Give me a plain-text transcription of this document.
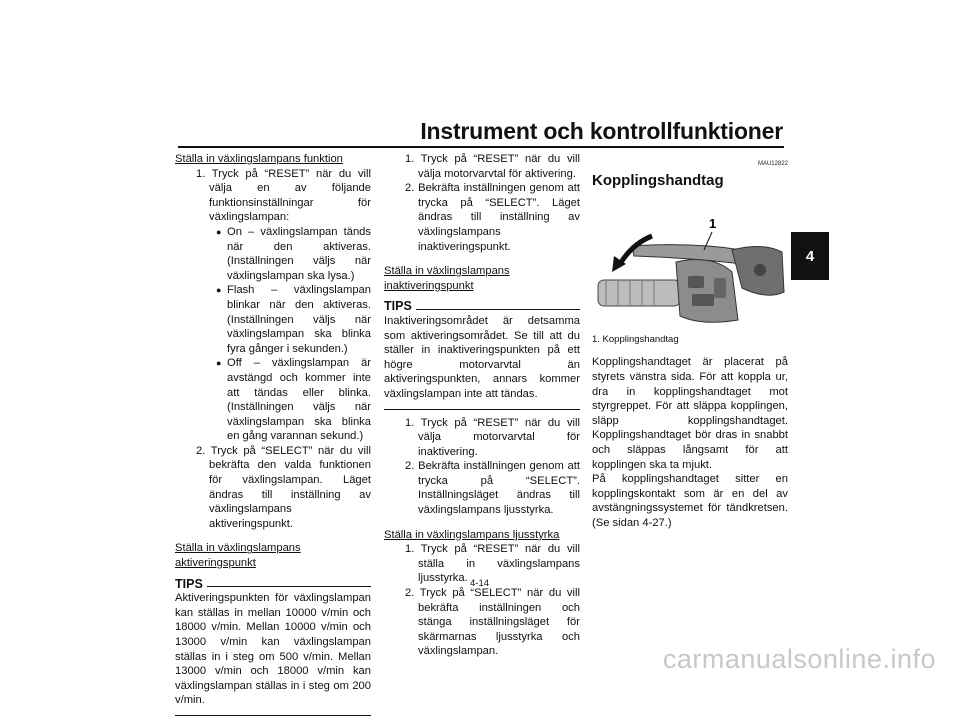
Instrument och kontrollfunktioner
4
Ställa in växlingslampans funktion
1. Tryck på “RESET” när du vill välja en av följande funktionsinställningar för växlingslampan:
● On – växlingslampan tänds när den aktiveras. (Inställningen väljs när växlingslampan ska lysa.)
● Flash – växlingslampan blinkar när den aktiveras. (Inställningen väljs när växlingslampan ska blinka fyra gånger i sekunden.)
● Off – växlingslampan är avstängd och kommer inte att tändas eller blinka. (Inställningen väljs när växlingslampan ska blinka en gång varannan sekund.)
2. Tryck på “SELECT” när du vill bekräfta den valda funktionen för växlingslampan. Läget ändras till inställning av växlingslampans aktiveringspunkt.
Ställa in växlingslampans aktiveringspunkt
TIPS

Aktiveringspunkten för växlingslampan kan ställas in mellan 10000 v/min och 18000 v/min. Mellan 10000 v/min och 13000 v/min kan växlingslampan ställas in i steg om 500 v/min. Mellan 13000 v/min och 18000 v/min kan växlingslampan ställas in i steg om 200 v/min.

1. Tryck på “RESET” när du vill välja motorvarvtal för aktivering.
2. Bekräfta inställningen genom att trycka på “SELECT”. Läget ändras till inställning av växlingslampans inaktiveringspunkt.
Ställa in växlingslampans inaktiveringspunkt
TIPS

Inaktiveringsområdet är detsamma som aktiveringsområdet. Se till att du ställer in inaktiveringspunkten på ett högre motorvarvtal än aktiveringspunkten, annars kommer växlingslampan inte att tändas.

1. Tryck på “RESET” när du vill välja motorvarvtal för inaktivering.
2. Bekräfta inställningen genom att trycka på “SELECT”. Inställningsläget ändras till växlingslampans ljusstyrka.
Ställa in växlingslampans ljusstyrka
1. Tryck på “RESET” när du vill ställa in växlingslampans ljusstyrka.
2. Tryck på “SELECT” när du vill bekräfta inställningen och stänga inställningsläget för skärmarnas ljusstyrka och växlingslampan.
MAU12822
Kopplingshandtag
1
1. Kopplingshandtag

Kopplingshandtaget är placerat på styrets vänstra sida. För att koppla ur, dra in kopplingshandtaget mot styrgreppet. För att släppa kopplingen, släpp kopplingshandtaget. Kopplingshandtaget bör dras in snabbt och släppas långsamt för att kopplingen ska ta mjukt.

På kopplingshandtaget sitter en kopplingskontakt som är en del av avstängningssystemet för tändkretsen. (Se sidan 4-27.)

4-14
carmanualsonline.info
